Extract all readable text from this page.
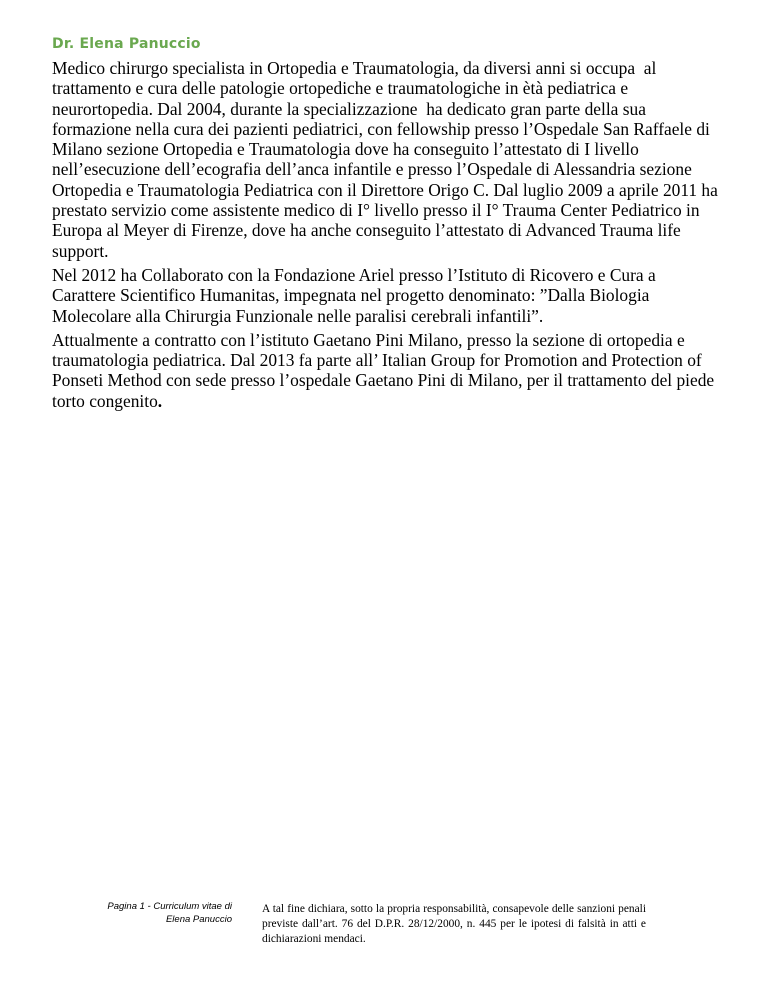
Dr. Elena Panuccio

Medico chirurgo specialista in Ortopedia e Traumatologia, da diversi anni si occupa  al trattamento e cura delle patologie ortopediche e traumatologiche in ètà pediatrica e neurortopedia. Dal 2004, durante la specializzazione  ha dedicato gran parte della sua formazione nella cura dei pazienti pediatrici, con fellowship presso l’Ospedale San Raffaele di Milano sezione Ortopedia e Traumatologia dove ha conseguito l’attestato di I livello nell’esecuzione dell’ecografia dell’anca infantile e presso l’Ospedale di Alessandria sezione Ortopedia e Traumatologia Pediatrica con il Direttore Origo C. Dal luglio 2009 a aprile 2011 ha prestato servizio come assistente medico di I° livello presso il I° Trauma Center Pediatrico in Europa al Meyer di Firenze, dove ha anche conseguito l’attestato di Advanced Trauma life support.

Nel 2012 ha Collaborato con la Fondazione Ariel presso l’Istituto di Ricovero e Cura a Carattere Scientifico Humanitas, impegnata nel progetto denominato: ”Dalla Biologia Molecolare alla Chirurgia Funzionale nelle paralisi cerebrali infantili”.

Attualmente a contratto con l’istituto Gaetano Pini Milano, presso la sezione di ortopedia e traumatologia pediatrica. Dal 2013 fa parte all’ Italian Group for Promotion and Protection of Ponseti Method con sede presso l’ospedale Gaetano Pini di Milano, per il trattamento del piede torto congenito.

Pagina 1 - Curriculum vitae di
Elena Panuccio
A tal fine dichiara, sotto la propria responsabilità, consapevole delle sanzioni penali previste dall’art. 76 del D.P.R. 28/12/2000, n. 445 per le ipotesi di falsità in atti e dichiarazioni mendaci.
